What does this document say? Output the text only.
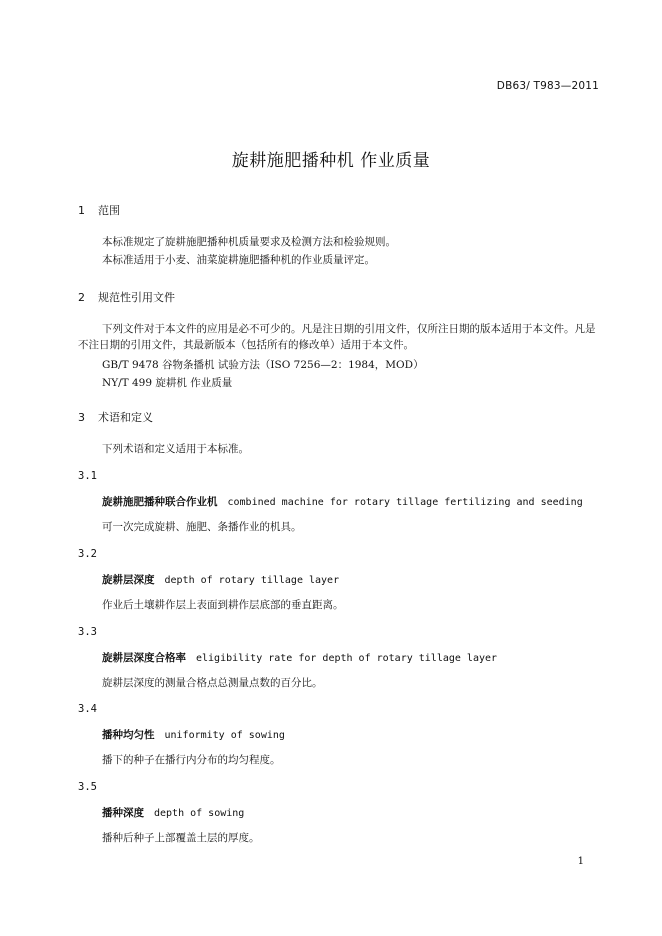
DB63/ T983—2011
旋耕施肥播种机 作业质量
1 范围
本标准规定了旋耕施肥播种机质量要求及检测方法和检验规则。
本标准适用于小麦、油菜旋耕施肥播种机的作业质量评定。
2 规范性引用文件
下列文件对于本文件的应用是必不可少的。凡是注日期的引用文件，仅所注日期的版本适用于本文件。凡是不注日期的引用文件，其最新版本（包括所有的修改单）适用于本文件。
GB/T 9478 谷物条播机 试验方法（ISO 7256—2：1984，MOD）
NY/T 499 旋耕机 作业质量
3 术语和定义
下列术语和定义适用于本标准。
3.1
旋耕施肥播种联合作业机 combined machine for rotary tillage fertilizing and seeding
可一次完成旋耕、施肥、条播作业的机具。
3.2
旋耕层深度 depth of rotary tillage layer
作业后土壤耕作层上表面到耕作层底部的垂直距离。
3.3
旋耕层深度合格率 eligibility rate for depth of rotary tillage layer
旋耕层深度的测量合格点总测量点数的百分比。
3.4
播种均匀性 uniformity of sowing
播下的种子在播行内分布的均匀程度。
3.5
播种深度 depth of sowing
播种后种子上部覆盖土层的厚度。
1
